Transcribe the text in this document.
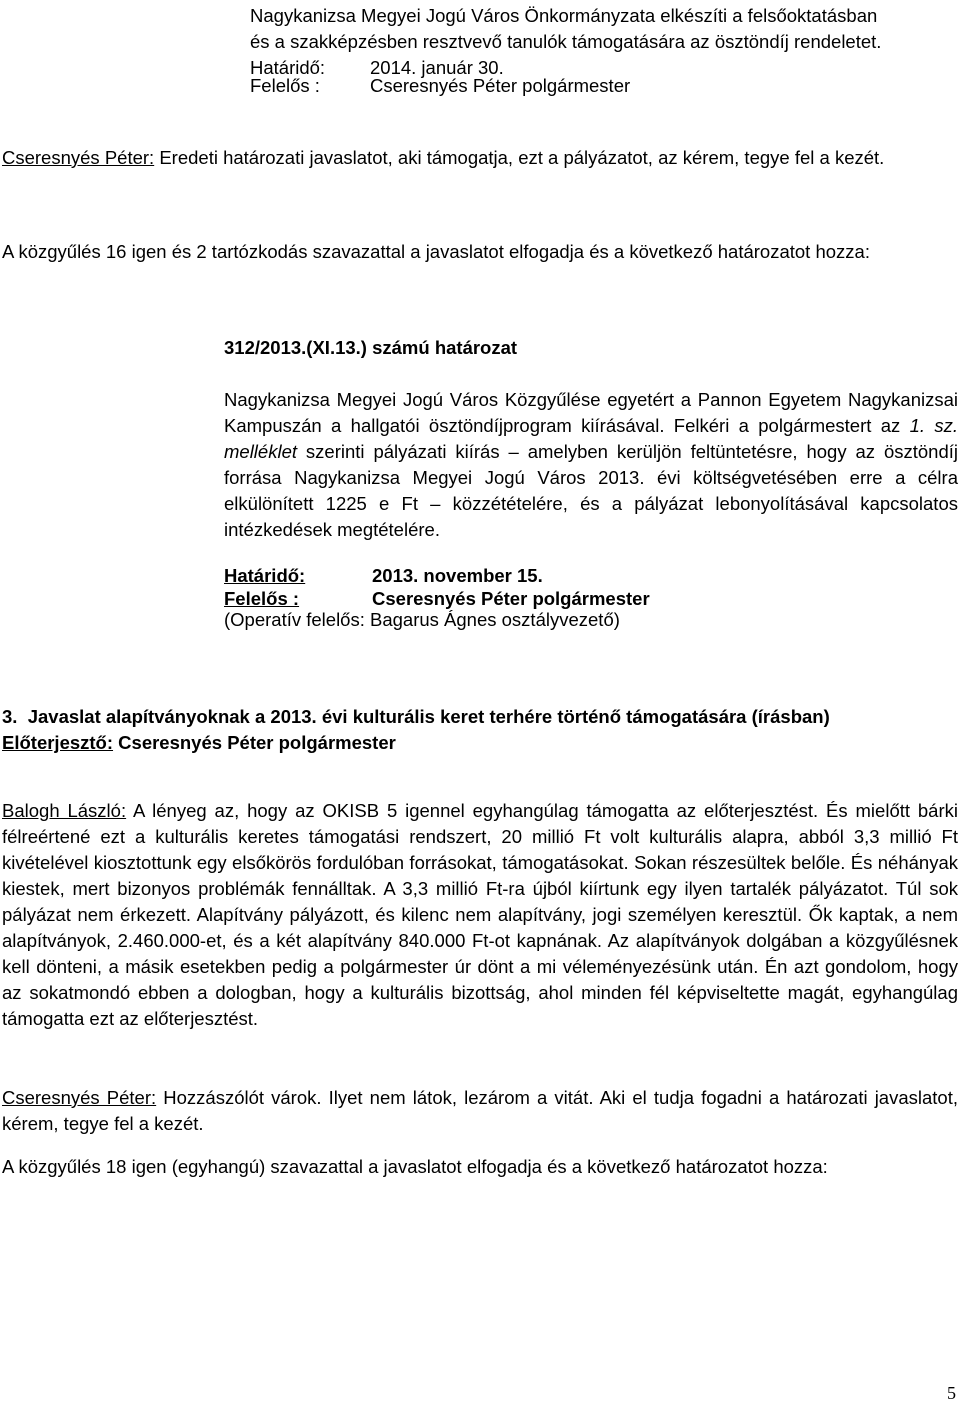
Nagykanizsa Megyei Jogú Város Önkormányzata elkészíti a felsőoktatásban
és a szakképzésben resztvevő tanulók támogatására az ösztöndíj rendeletet.
Határidő: 2014. január 30.
Felelős :	Cseresnyés Péter polgármester

Cseresnyés Péter: Eredeti határozati javaslatot, aki támogatja, ezt a pályázatot, az kérem, tegye fel a kezét.

A közgyűlés 16 igen és 2 tartózkodás szavazattal a javaslatot elfogadja és a következő határozatot hozza:

312/2013.(XI.13.) számú határozat

Nagykanizsa Megyei Jogú Város Közgyűlése egyetért a Pannon Egyetem Nagykanizsai Kampuszán a hallgatói ösztöndíjprogram kiírásával. Felkéri a polgármestert az 1. sz. melléklet szerinti pályázati kiírás – amelyben kerüljön feltüntetésre, hogy az ösztöndíj forrása Nagykanizsa Megyei Jogú Város 2013. évi költségvetésében erre a célra elkülönített 1225 e Ft – közzétételére, és a pályázat lebonyolításával kapcsolatos intézkedések megtételére.

Határidő:	2013. november 15.
Felelős :	Cseresnyés Péter polgármester
(Operatív felelős: Bagarus Ágnes osztályvezető)
3.  Javaslat alapítványoknak a 2013. évi kulturális keret terhére történő támogatására (írásban)
Előterjesztő: Cseresnyés Péter polgármester

Balogh László: A lényeg az, hogy az OKISB 5 igennel egyhangúlag támogatta az előterjesztést. És mielőtt bárki félreértené ezt a kulturális keretes támogatási rendszert, 20 millió Ft volt kulturális alapra, abból 3,3 millió Ft kivételével kiosztottunk egy elsőkörös fordulóban forrásokat, támogatásokat. Sokan részesültek belőle. És néhányak kiestek, mert bizonyos problémák fennálltak. A 3,3 millió Ft-ra újból kiírtunk egy ilyen tartalék pályázatot. Túl sok pályázat nem érkezett. Alapítvány pályázott, és kilenc nem alapítvány, jogi személyen keresztül. Ők kaptak, a nem alapítványok, 2.460.000-et, és a két alapítvány 840.000 Ft-ot kapnának. Az alapítványok dolgában a közgyűlésnek kell dönteni, a másik esetekben pedig a polgármester úr dönt a mi véleményezésünk után. Én azt gondolom, hogy az sokatmondó ebben a dologban, hogy a kulturális bizottság, ahol minden fél képviseltette magát, egyhangúlag támogatta ezt az előterjesztést.

Cseresnyés Péter: Hozzászólót várok. Ilyet nem látok, lezárom a vitát. Aki el tudja fogadni a határozati javaslatot, kérem, tegye fel a kezét.

A közgyűlés 18 igen (egyhangú) szavazattal a javaslatot elfogadja és a következő határozatot hozza:

5
